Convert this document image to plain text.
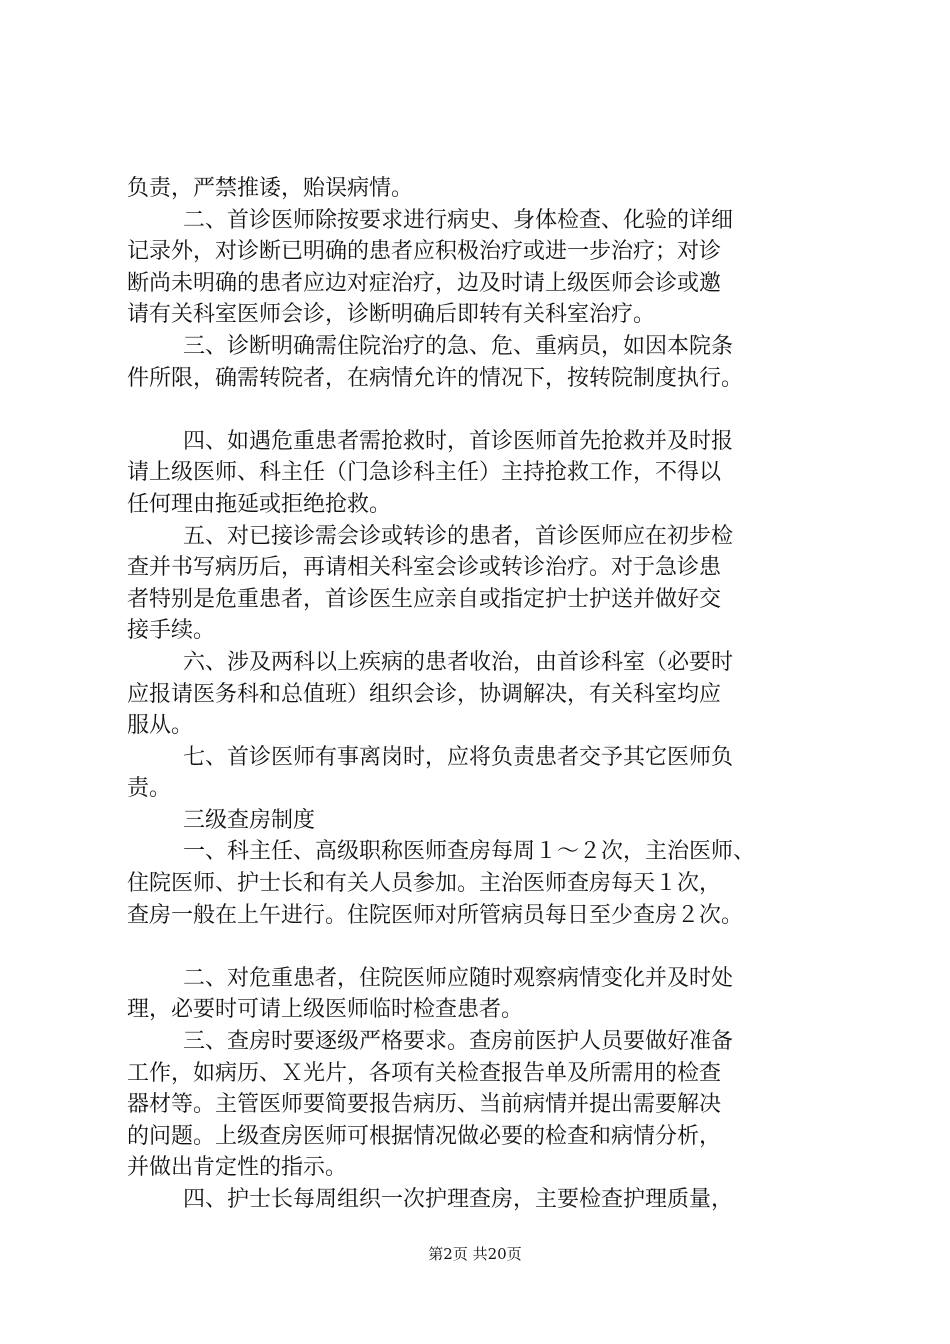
负责，严禁推诿，贻误病情。
二、首诊医师除按要求进行病史、身体检查、化验的详细
记录外，对诊断已明确的患者应积极治疗或进一步治疗；对诊
断尚未明确的患者应边对症治疗，边及时请上级医师会诊或邀
请有关科室医师会诊，诊断明确后即转有关科室治疗。
三、诊断明确需住院治疗的急、危、重病员，如因本院条
件所限，确需转院者，在病情允许的情况下，按转院制度执行。
四、如遇危重患者需抢救时，首诊医师首先抢救并及时报
请上级医师、科主任（门急诊科主任）主持抢救工作，不得以
任何理由拖延或拒绝抢救。
五、对已接诊需会诊或转诊的患者，首诊医师应在初步检
查并书写病历后，再请相关科室会诊或转诊治疗。对于急诊患
者特别是危重患者，首诊医生应亲自或指定护士护送并做好交
接手续。
六、涉及两科以上疾病的患者收治，由首诊科室（必要时
应报请医务科和总值班）组织会诊，协调解决，有关科室均应
服从。
七、首诊医师有事离岗时，应将负责患者交予其它医师负
责。
三级查房制度
一、科主任、高级职称医师查房每周１～２次，主治医师、
住院医师、护士长和有关人员参加。主治医师查房每天１次，
查房一般在上午进行。住院医师对所管病员每日至少查房２次。
二、对危重患者，住院医师应随时观察病情变化并及时处
理，必要时可请上级医师临时检查患者。
三、查房时要逐级严格要求。查房前医护人员要做好准备
工作，如病历、Ｘ光片，各项有关检查报告单及所需用的检查
器材等。主管医师要简要报告病历、当前病情并提出需要解决
的问题。上级查房医师可根据情况做必要的检查和病情分析，
并做出肯定性的指示。
四、护士长每周组织一次护理查房，主要检查护理质量，
第2页 共20页
